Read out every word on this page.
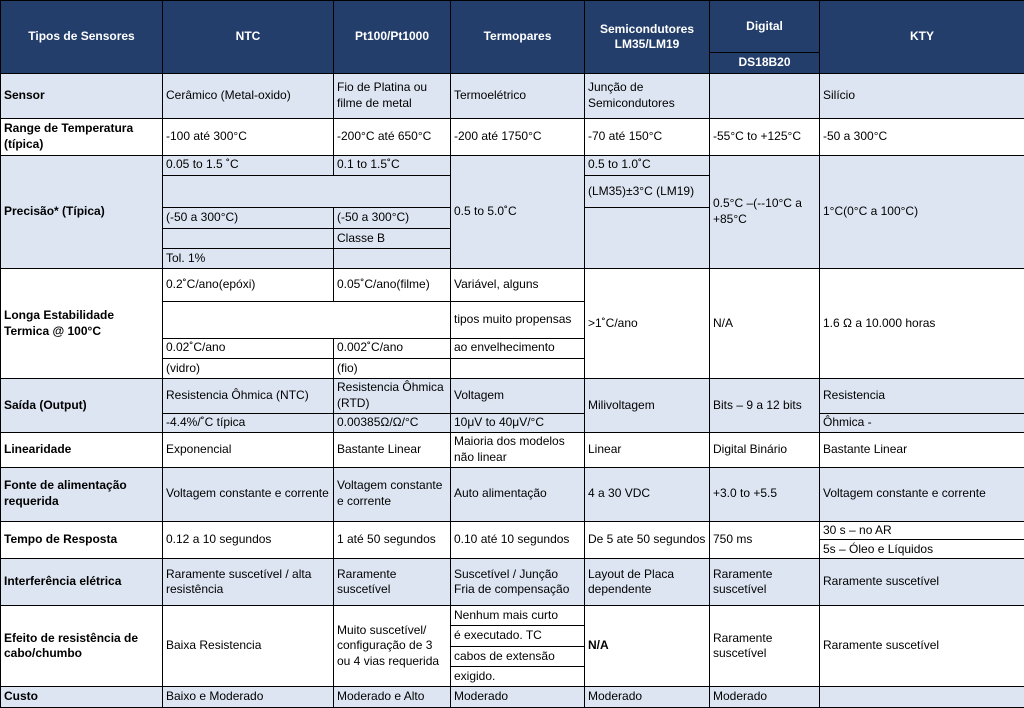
Tipos de Sensores	NTC	Pt100/Pt1000	Termopares	Semicondutores LM35/LM19	Digital	KTY
					DS18B20	
Sensor	Cerâmico (Metal-oxido)	Fio de Platina ou filme de metal	Termoelétrico	Junção de Semicondutores		Silício
Range de Temperatura (típica)	-100 até 300°C	-200°C até 650°C	-200 até 1750°C	-70 até 150°C	-55°C to +125°C	-50 a 300°C
Precisão* (Típica)	0.05 to 1.5 ˚C	0.1 to 1.5˚C	0.5 to 5.0˚C	0.5 to 1.0˚C	0.5°C –(--10°C a +85°C	1°C(0°C a 100°C)
				(LM35)±3°C (LM19)		
	(-50 a 300°C)	(-50 a 300°C)				
		Classe B				
	Tol. 1%					
Longa Estabilidade Termica @ 100°C	0.2˚C/ano(epóxi)	0.05˚C/ano(filme)	Variável, alguns	>1˚C/ano	N/A	1.6 Ω a 10.000 horas
			tipos muito propensas			
	0.02˚C/ano	0.002˚C/ano	ao envelhecimento			
	(vidro)	(fio)				
Saída (Output)	Resistencia Ôhmica (NTC)	Resistencia Ôhmica (RTD)	Voltagem	Milivoltagem	Bits – 9 a 12 bits	Resistencia
	-4.4%/˚C típica	0.00385Ω/Ω/°C	10μV to 40μV/°C			Ôhmica -
Linearidade	Exponencial	Bastante Linear	Maioria dos modelos não linear	Linear	Digital Binário	Bastante Linear
Fonte de alimentação requerida	Voltagem constante e corrente	Voltagem constante e corrente	Auto alimentação	4 a 30 VDC	+3.0 to +5.5	Voltagem constante e corrente
Tempo de Resposta	0.12 a 10 segundos	1 até 50 segundos	0.10 até 10 segundos	De 5 ate 50 segundos	750 ms	30 s – no AR
						5s – Óleo e Líquidos
Interferência elétrica	Raramente suscetível / alta resistência	Raramente suscetível	Suscetível / Junção Fria de compensação	Layout de Placa dependente	Raramente suscetível	Raramente suscetível
Efeito de resistência de cabo/chumbo	Baixa Resistencia	Muito suscetível/ configuração de 3 ou 4 vias requerida	Nenhum mais curto	N/A	Raramente suscetível	Raramente suscetível
			é executado. TC			
			cabos de extensão			
			exigido.			
Custo	Baixo e Moderado	Moderado e Alto	Moderado	Moderado	Moderado	
